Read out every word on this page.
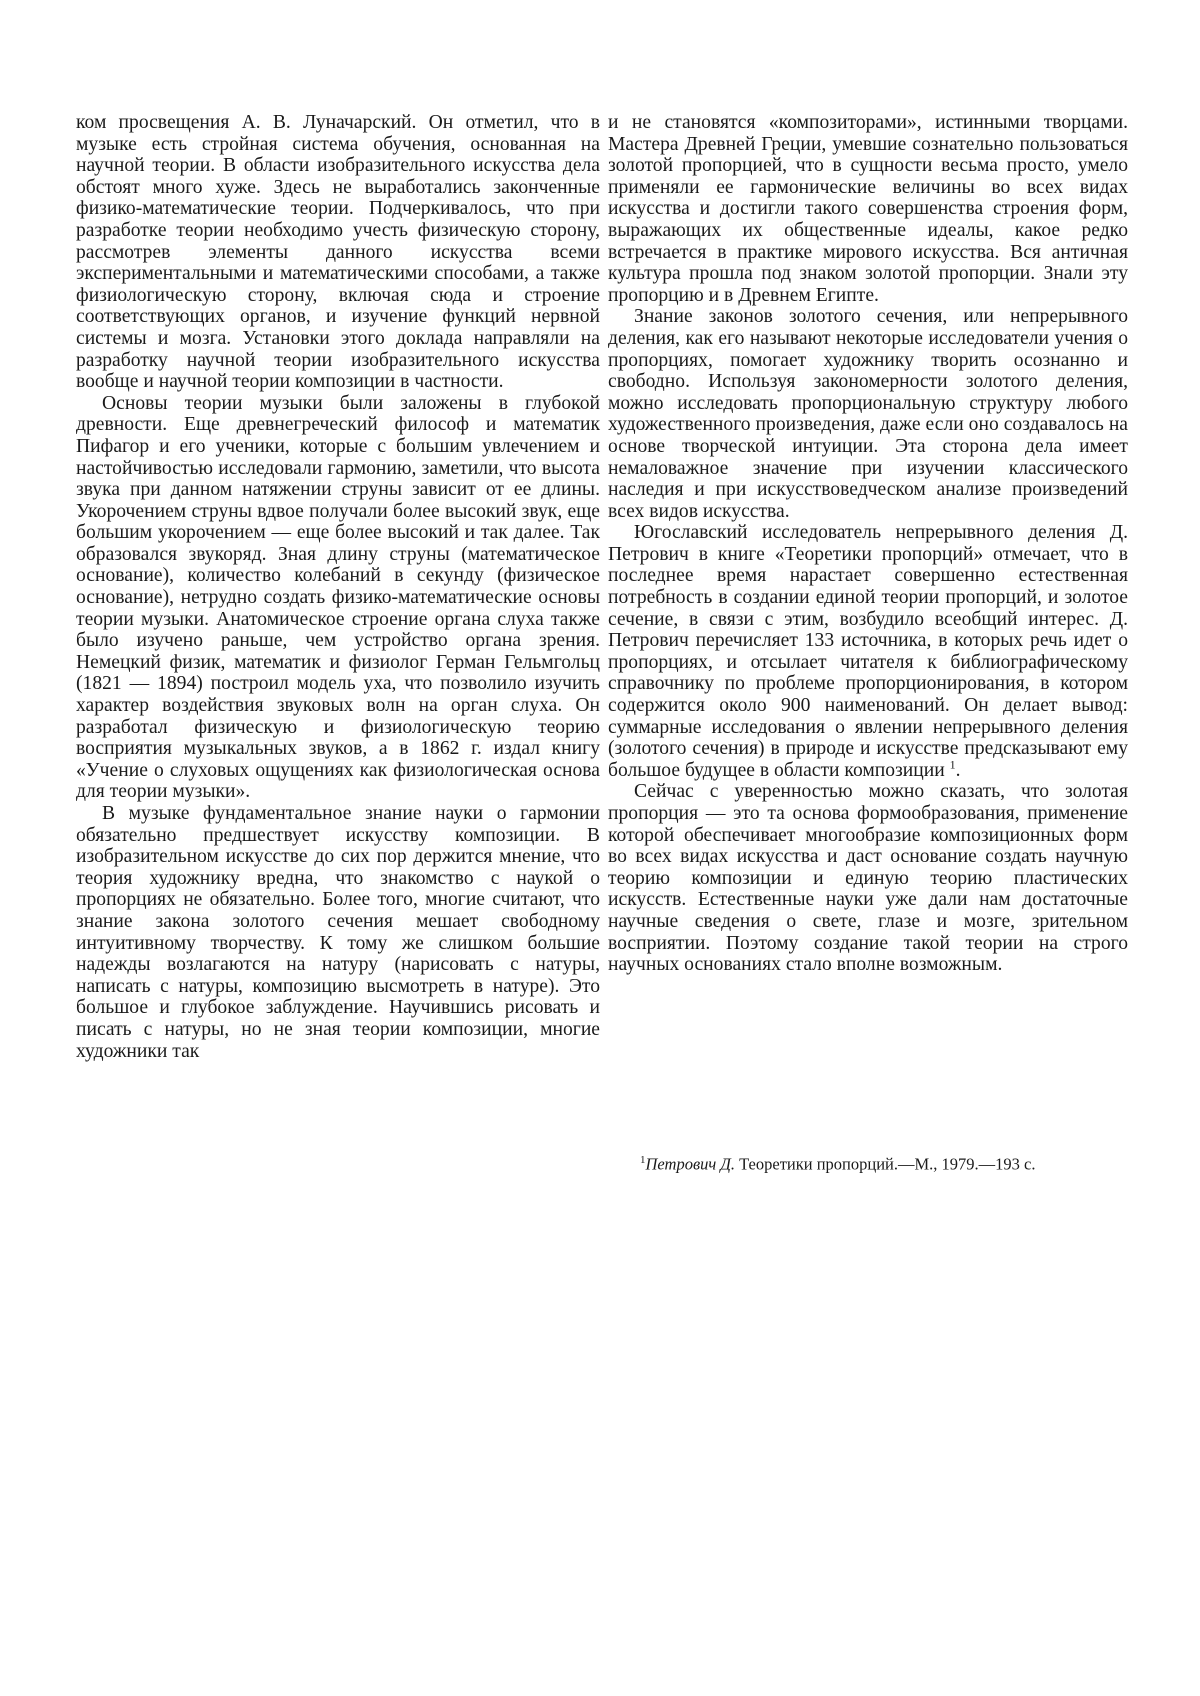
ком просвещения А. В. Луначарский. Он отметил, что в музыке есть стройная система обучения, основанная на научной теории. В области изобразительного искусства дела обстоят много хуже. Здесь не выработались законченные физико-математические теории. Подчеркивалось, что при разработке теории необходимо учесть физическую сторону, рассмотрев элементы данного искусства всеми экспериментальными и математическими способами, а также физиологическую сторону, включая сюда и строение соответствующих органов, и изучение функций нервной системы и мозга. Установки этого доклада направляли на разработку научной теории изобразительного искусства вообще и научной теории композиции в частности.

Основы теории музыки были заложены в глубокой древности. Еще древнегреческий философ и математик Пифагор и его ученики, которые с большим увлечением и настойчивостью исследовали гармонию, заметили, что высота звука при данном натяжении струны зависит от ее длины. Укорочением струны вдвое получали более высокий звук, еще большим укорочением — еще более высокий и так далее. Так образовался звукоряд. Зная длину струны (математическое основание), количество колебаний в секунду (физическое основание), нетрудно создать физико-математические основы теории музыки. Анатомическое строение органа слуха также было изучено раньше, чем устройство органа зрения. Немецкий физик, математик и физиолог Герман Гельмгольц (1821 — 1894) построил модель уха, что позволило изучить характер воздействия звуковых волн на орган слуха. Он разработал физическую и физиологическую теорию восприятия музыкальных звуков, а в 1862 г. издал книгу «Учение о слуховых ощущениях как физиологическая основа для теории музыки».

В музыке фундаментальное знание науки о гармонии обязательно предшествует искусству композиции. В изобразительном искусстве до сих пор держится мнение, что теория художнику вредна, что знакомство с наукой о пропорциях не обязательно. Более того, многие считают, что знание закона золотого сечения мешает свободному интуитивному творчеству. К тому же слишком большие надежды возлагаются на натуру (нарисовать с натуры, написать с натуры, композицию высмотреть в натуре). Это большое и глубокое заблуждение. Научившись рисовать и писать с натуры, но не зная теории композиции, многие художники так

и не становятся «композиторами», истинными творцами. Мастера Древней Греции, умевшие сознательно пользоваться золотой пропорцией, что в сущности весьма просто, умело применяли ее гармонические величины во всех видах искусства и достигли такого совершенства строения форм, выражающих их общественные идеалы, какое редко встречается в практике мирового искусства. Вся античная культура прошла под знаком золотой пропорции. Знали эту пропорцию и в Древнем Египте.

Знание законов золотого сечения, или непрерывного деления, как его называют некоторые исследователи учения о пропорциях, помогает художнику творить осознанно и свободно. Используя закономерности золотого деления, можно исследовать пропорциональную структуру любого художественного произведения, даже если оно создавалось на основе творческой интуиции. Эта сторона дела имеет немаловажное значение при изучении классического наследия и при искусствоведческом анализе произведений всех видов искусства.

Югославский исследователь непрерывного деления Д. Петрович в книге «Теоретики пропорций» отмечает, что в последнее время нарастает совершенно естественная потребность в создании единой теории пропорций, и золотое сечение, в связи с этим, возбудило всеобщий интерес. Д. Петрович перечисляет 133 источника, в которых речь идет о пропорциях, и отсылает читателя к библиографическому справочнику по проблеме пропорционирования, в котором содержится около 900 наименований. Он делает вывод: суммарные исследования о явлении непрерывного деления (золотого сечения) в природе и искусстве предсказывают ему большое будущее в области композиции $^1$.

Сейчас с уверенностью можно сказать, что золотая пропорция — это та основа формообразования, применение которой обеспечивает многообразие композиционных форм во всех видах искусства и даст основание создать научную теорию композиции и единую теорию пластических искусств. Естественные науки уже дали нам достаточные научные сведения о свете, глазе и мозге, зрительном восприятии. Поэтому создание такой теории на строго научных основаниях стало вполне возможным.

$^1$Петрович Д. Теоретики пропорций.—М., 1979.—193 с.
